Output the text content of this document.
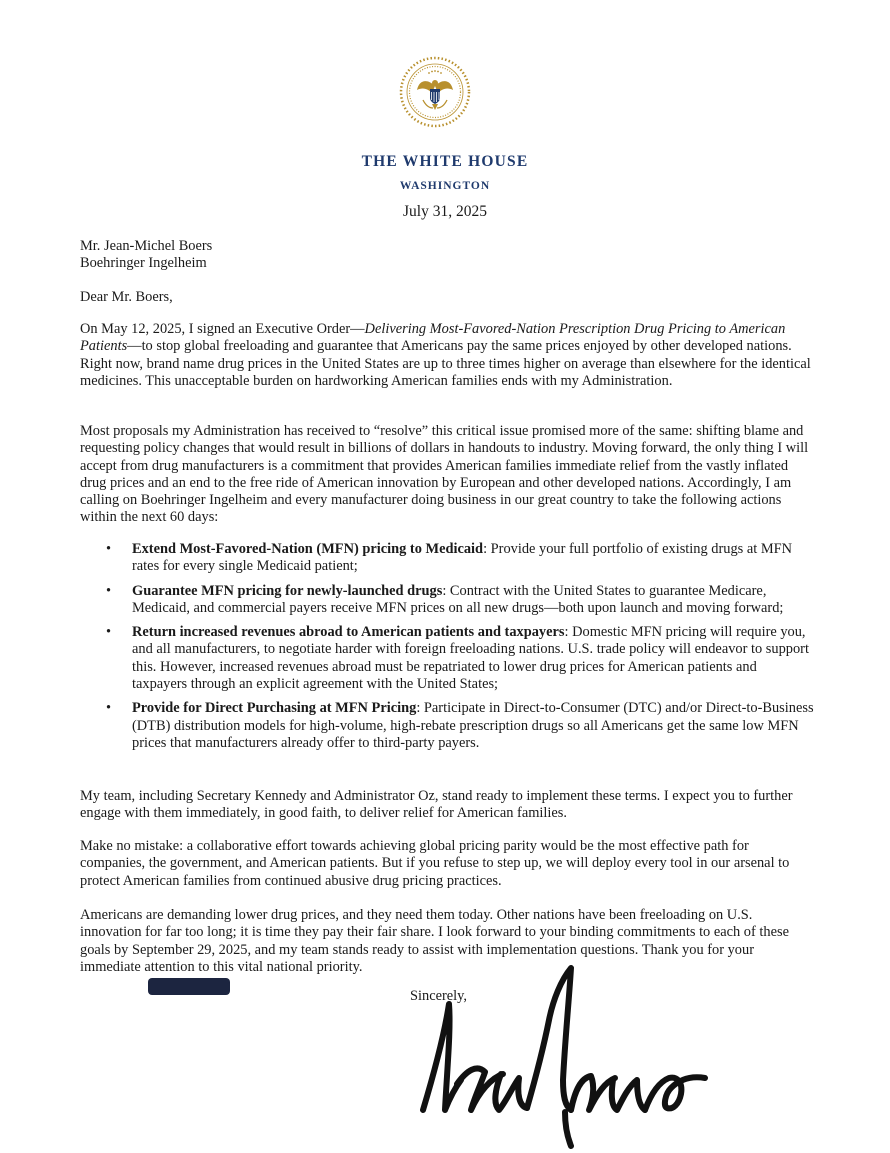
THE WHITE HOUSE
WASHINGTON
July 31, 2025

Mr. Jean-Michel Boers

Boehringer Ingelheim

Dear Mr. Boers,

On May 12, 2025, I signed an Executive Order—Delivering Most-Favored-Nation Prescription Drug Pricing to American Patients—to stop global freeloading and guarantee that Americans pay the same prices enjoyed by other developed nations. Right now, brand name drug prices in the United States are up to three times higher on average than elsewhere for the identical medicines. This unacceptable burden on hardworking American families ends with my Administration.

Most proposals my Administration has received to “resolve” this critical issue promised more of the same: shifting blame and requesting policy changes that would result in billions of dollars in handouts to industry. Moving forward, the only thing I will accept from drug manufacturers is a commitment that provides American families immediate relief from the vastly inflated drug prices and an end to the free ride of American innovation by European and other developed nations. Accordingly, I am calling on Boehringer Ingelheim and every manufacturer doing business in our great country to take the following actions within the next 60 days:

• Extend Most-Favored-Nation (MFN) pricing to Medicaid: Provide your full portfolio of existing drugs at MFN rates for every single Medicaid patient;
• Guarantee MFN pricing for newly-launched drugs: Contract with the United States to guarantee Medicare, Medicaid, and commercial payers receive MFN prices on all new drugs—both upon launch and moving forward;
• Return increased revenues abroad to American patients and taxpayers: Domestic MFN pricing will require you, and all manufacturers, to negotiate harder with foreign freeloading nations. U.S. trade policy will endeavor to support this. However, increased revenues abroad must be repatriated to lower drug prices for American patients and taxpayers through an explicit agreement with the United States;
• Provide for Direct Purchasing at MFN Pricing: Participate in Direct-to-Consumer (DTC) and/or Direct-to-Business (DTB) distribution models for high-volume, high-rebate prescription drugs so all Americans get the same low MFN prices that manufacturers already offer to third-party payers.

My team, including Secretary Kennedy and Administrator Oz, stand ready to implement these terms. I expect you to further engage with them immediately, in good faith, to deliver relief for American families.

Make no mistake: a collaborative effort towards achieving global pricing parity would be the most effective path for companies, the government, and American patients. But if you refuse to step up, we will deploy every tool in our arsenal to protect American families from continued abusive drug pricing practices.

Americans are demanding lower drug prices, and they need them today. Other nations have been freeloading on U.S. innovation for far too long; it is time they pay their fair share. I look forward to your binding commitments to each of these goals by September 29, 2025, and my team stands ready to assist with implementation questions. Thank you for your immediate attention to this vital national priority.

Sincerely,
